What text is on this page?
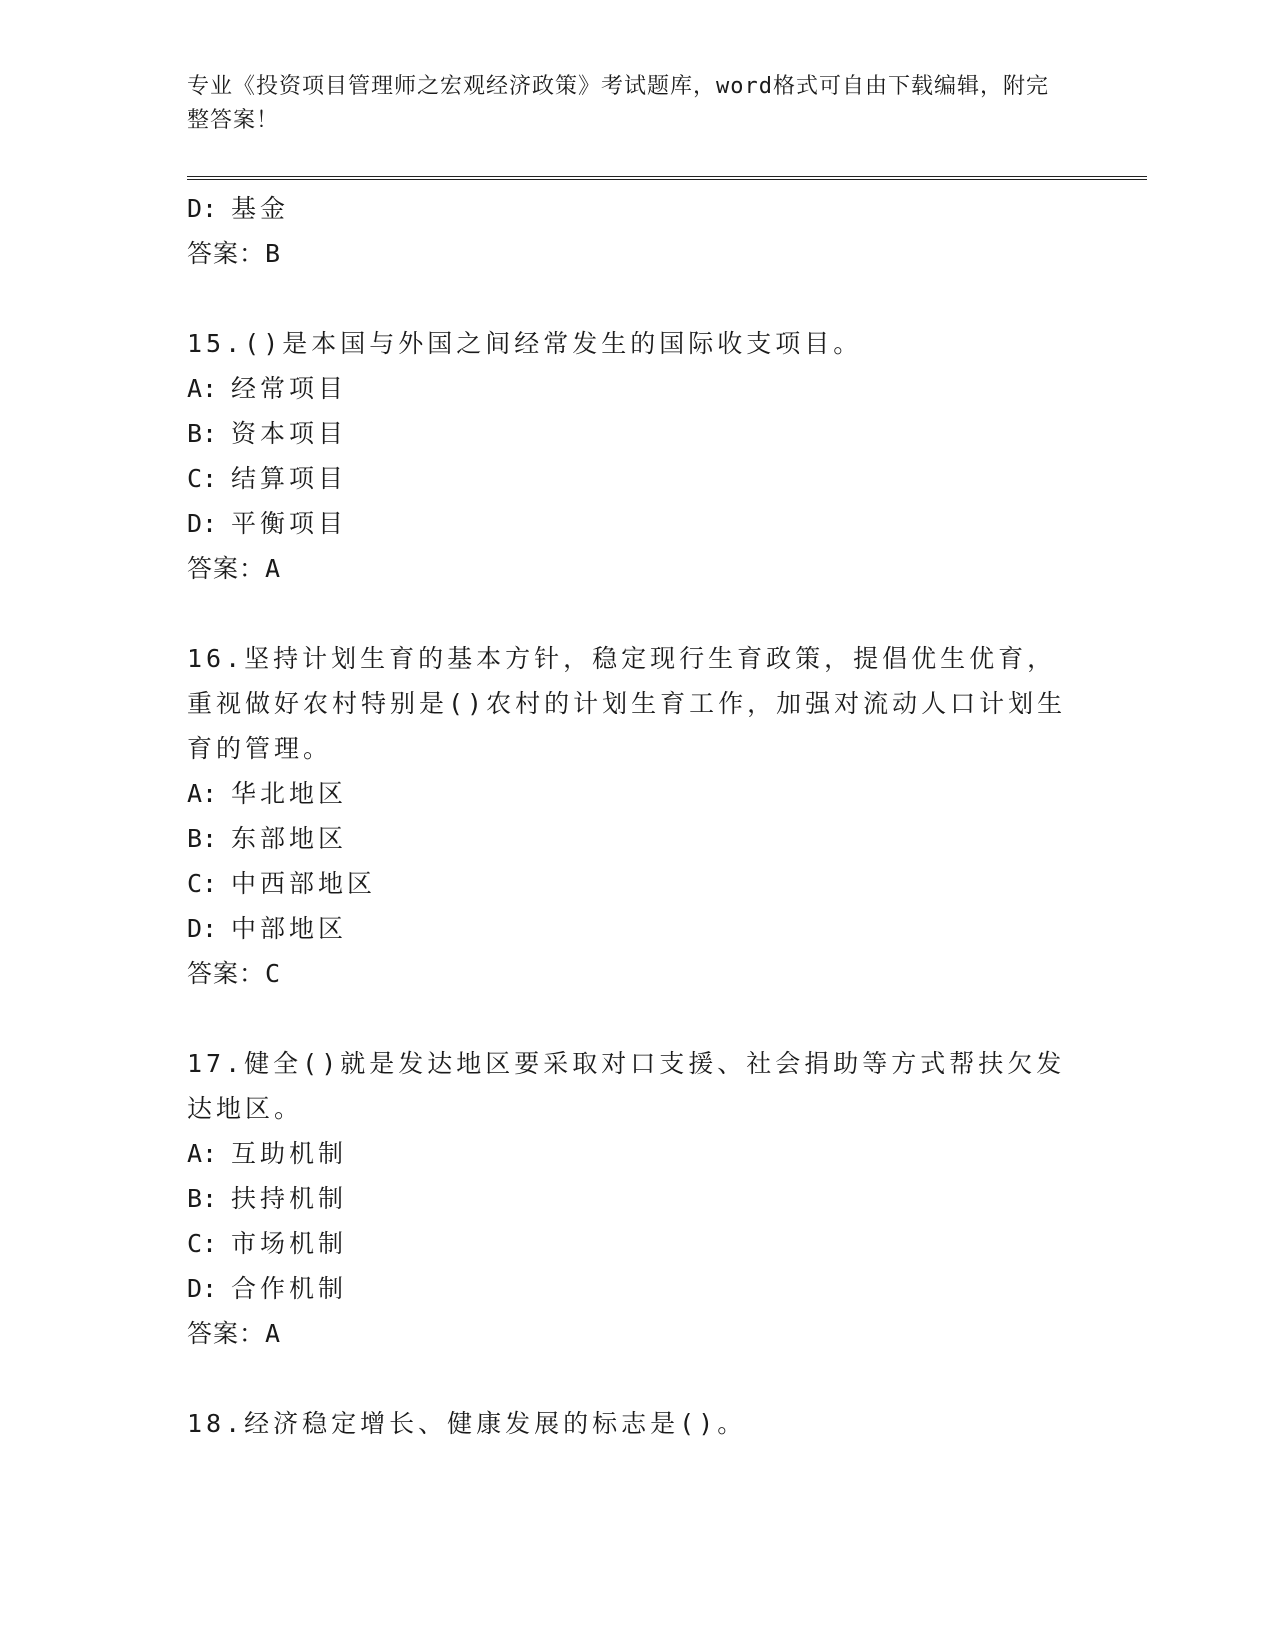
专业《投资项目管理师之宏观经济政策》考试题库，word格式可自由下载编辑，附完整答案！
D: 基金
答案：B
15.()是本国与外国之间经常发生的国际收支项目。
A: 经常项目
B: 资本项目
C: 结算项目
D: 平衡项目
答案：A
16.坚持计划生育的基本方针，稳定现行生育政策，提倡优生优育，重视做好农村特别是()农村的计划生育工作，加强对流动人口计划生育的管理。
A: 华北地区
B: 东部地区
C: 中西部地区
D: 中部地区
答案：C
17.健全()就是发达地区要采取对口支援、社会捐助等方式帮扶欠发达地区。
A: 互助机制
B: 扶持机制
C: 市场机制
D: 合作机制
答案：A
18.经济稳定增长、健康发展的标志是()。
